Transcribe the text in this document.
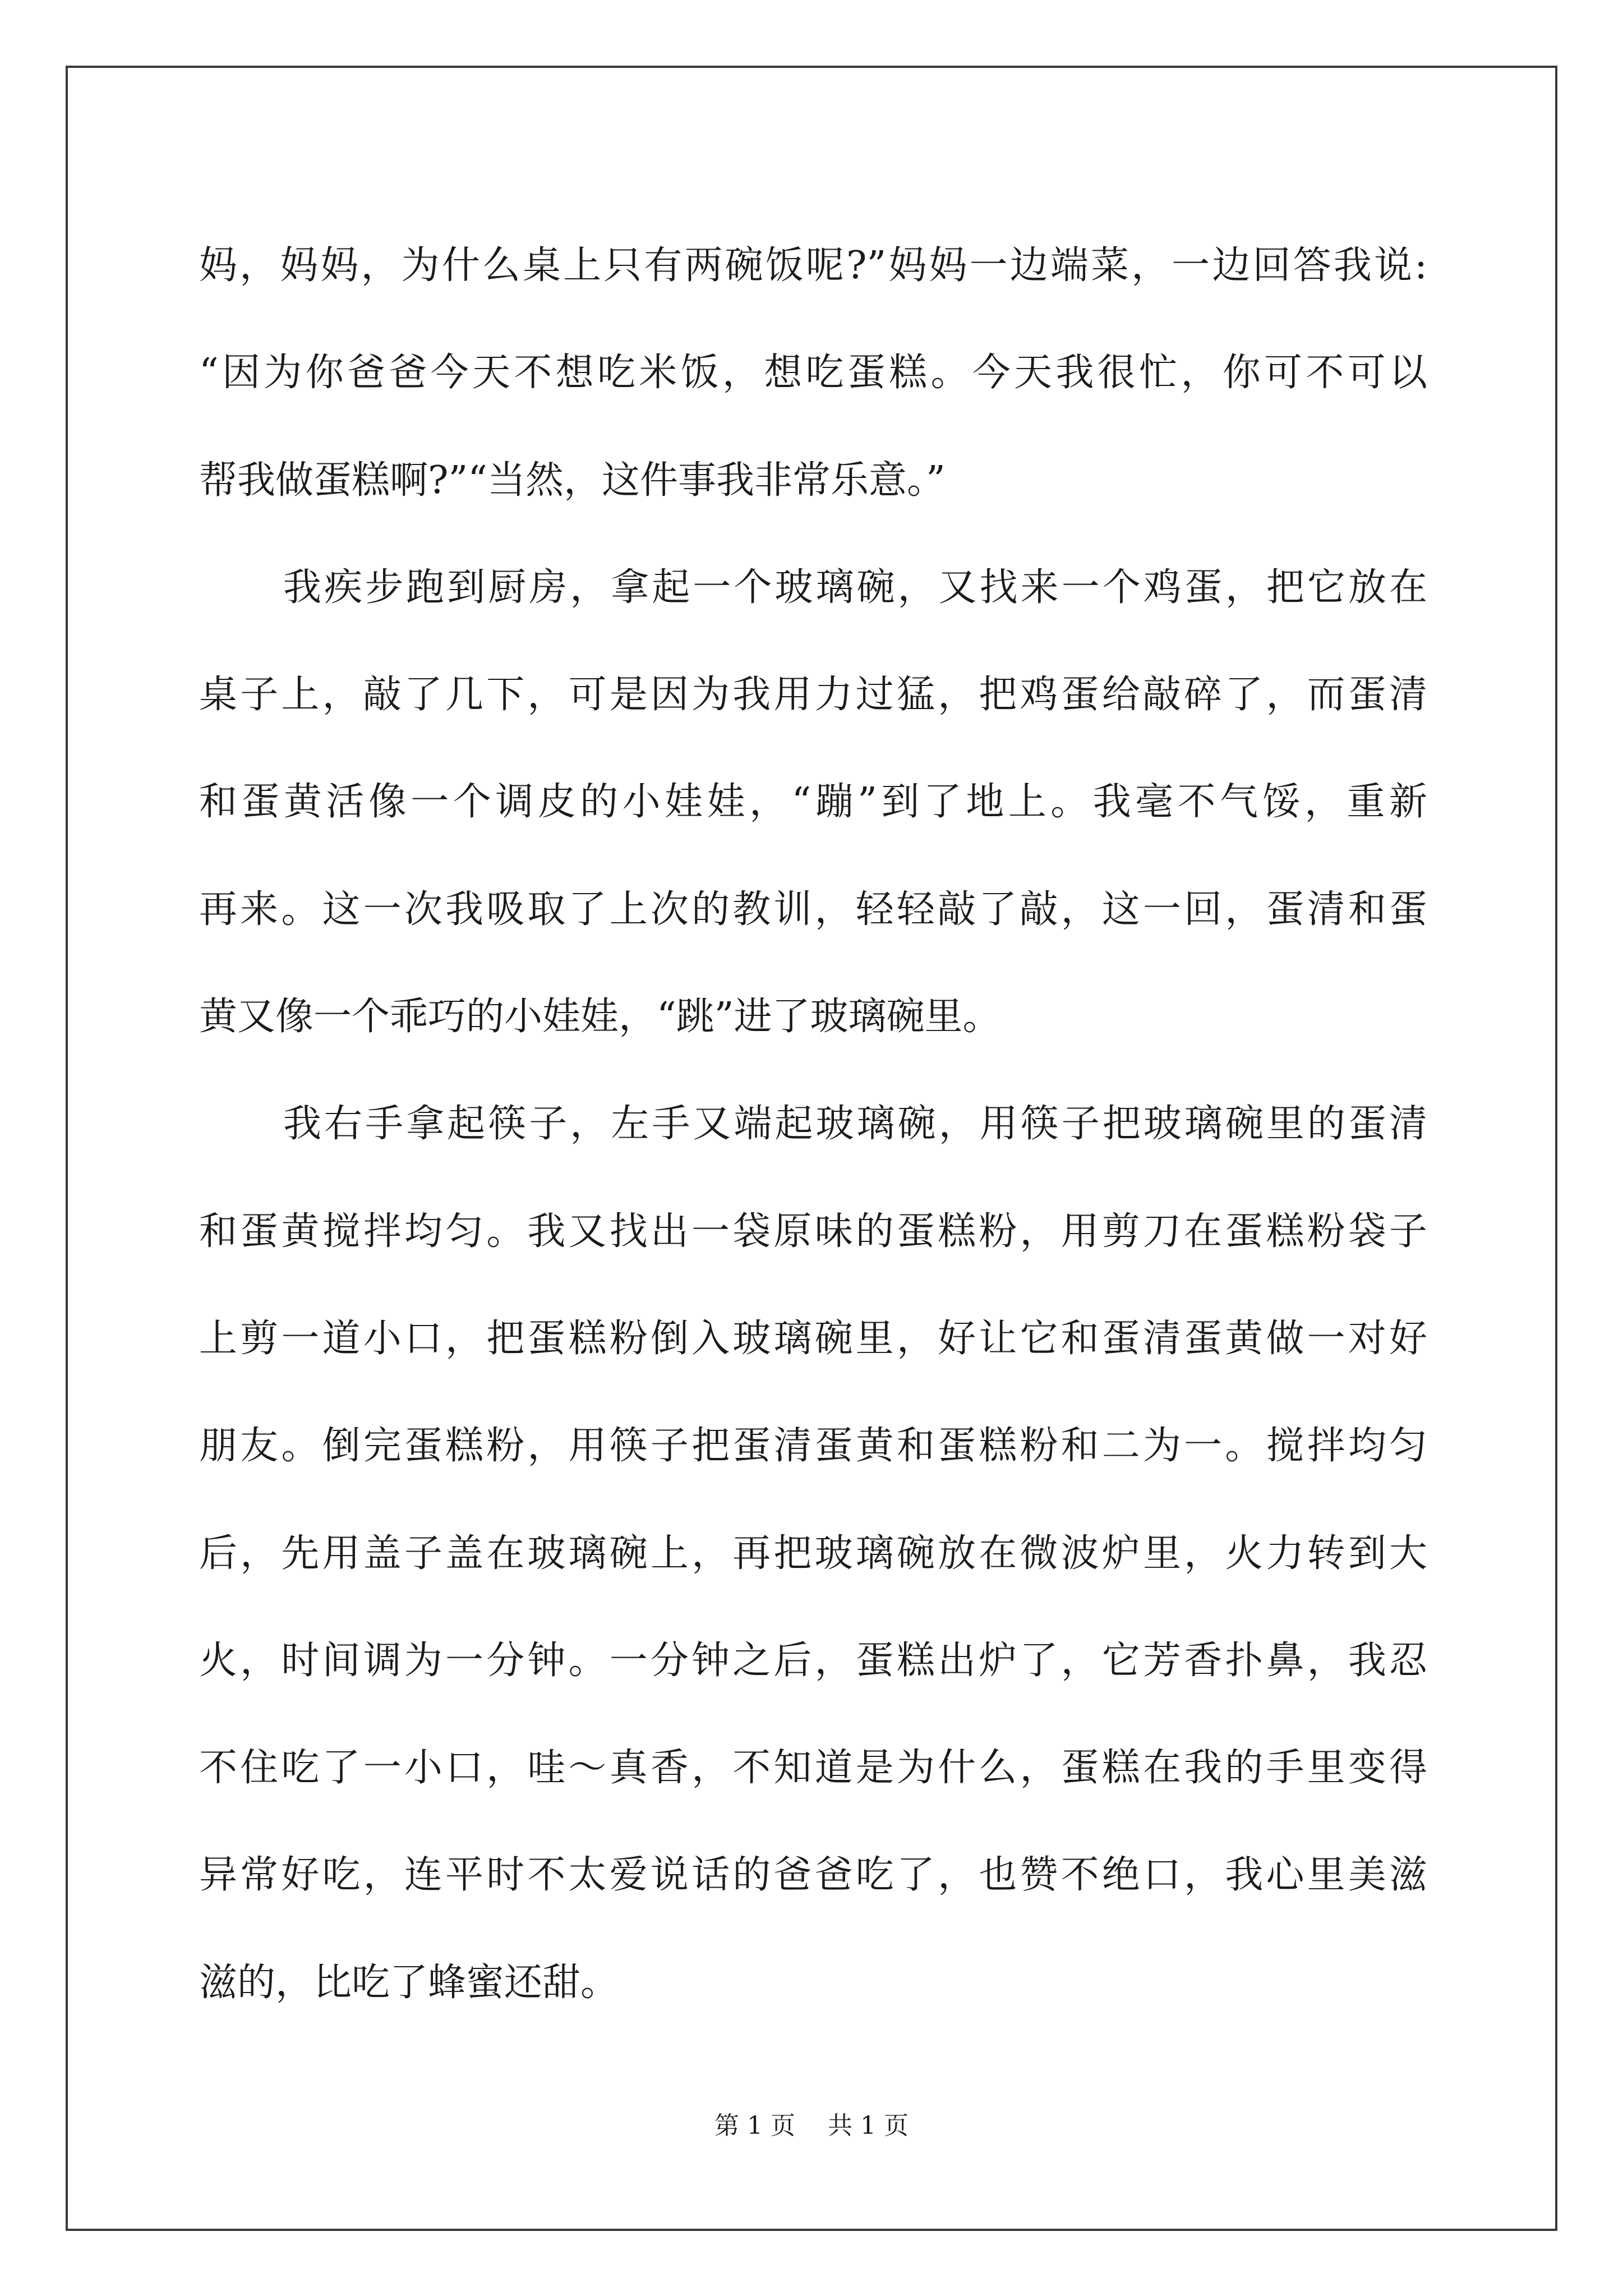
妈，妈妈，为什么桌上只有两碗饭呢?”妈妈一边端菜，一边回答我说:
“因为你爸爸今天不想吃米饭，想吃蛋糕。今天我很忙，你可不可以
帮我做蛋糕啊?”“当然，这件事我非常乐意。”
我疾步跑到厨房，拿起一个玻璃碗，又找来一个鸡蛋，把它放在
桌子上，敲了几下，可是因为我用力过猛，把鸡蛋给敲碎了，而蛋清
和蛋黄活像一个调皮的小娃娃，“蹦”到了地上。我毫不气馁，重新
再来。这一次我吸取了上次的教训，轻轻敲了敲，这一回，蛋清和蛋
黄又像一个乖巧的小娃娃，“跳”进了玻璃碗里。
我右手拿起筷子，左手又端起玻璃碗，用筷子把玻璃碗里的蛋清
和蛋黄搅拌均匀。我又找出一袋原味的蛋糕粉，用剪刀在蛋糕粉袋子
上剪一道小口，把蛋糕粉倒入玻璃碗里，好让它和蛋清蛋黄做一对好
朋友。倒完蛋糕粉，用筷子把蛋清蛋黄和蛋糕粉和二为一。搅拌均匀
后，先用盖子盖在玻璃碗上，再把玻璃碗放在微波炉里，火力转到大
火，时间调为一分钟。一分钟之后，蛋糕出炉了，它芳香扑鼻，我忍
不住吃了一小口，哇～真香，不知道是为什么，蛋糕在我的手里变得
异常好吃，连平时不太爱说话的爸爸吃了，也赞不绝口，我心里美滋
滋的，比吃了蜂蜜还甜。
第 1 页 共 1 页
